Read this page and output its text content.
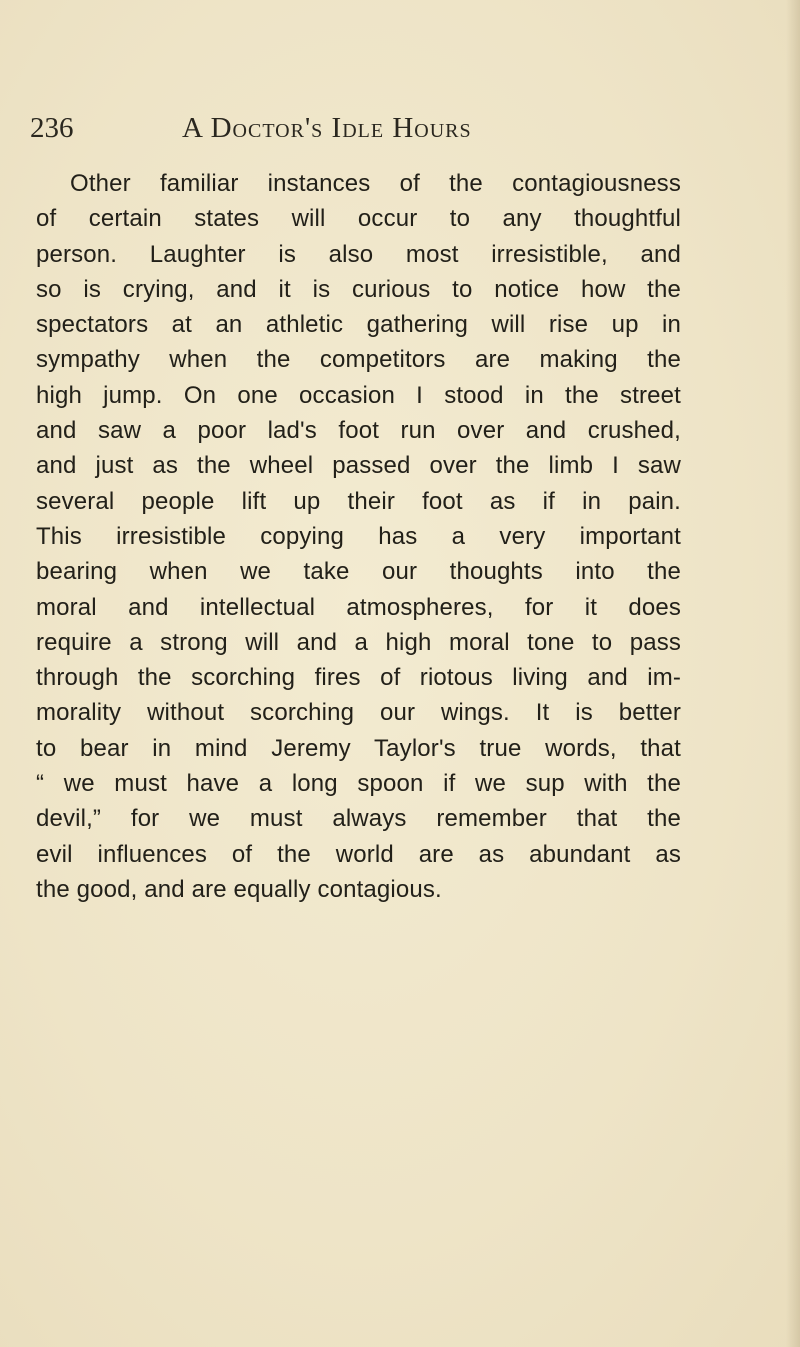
236	A Doctor's Idle Hours
Other familiar instances of the contagiousness
of certain states will occur to any thoughtful
person. Laughter is also most irresistible, and
so is crying, and it is curious to notice how the
spectators at an athletic gathering will rise up in
sympathy when the competitors are making the
high jump. On one occasion I stood in the street
and saw a poor lad's foot run over and crushed,
and just as the wheel passed over the limb I saw
several people lift up their foot as if in pain.
This irresistible copying has a very important
bearing when we take our thoughts into the
moral and intellectual atmospheres, for it does
require a strong will and a high moral tone to pass
through the scorching fires of riotous living and im-
morality without scorching our wings. It is better
to bear in mind Jeremy Taylor's true words, that
“ we must have a long spoon if we sup with the
devil,” for we must always remember that the
evil influences of the world are as abundant as
the good, and are equally contagious.
